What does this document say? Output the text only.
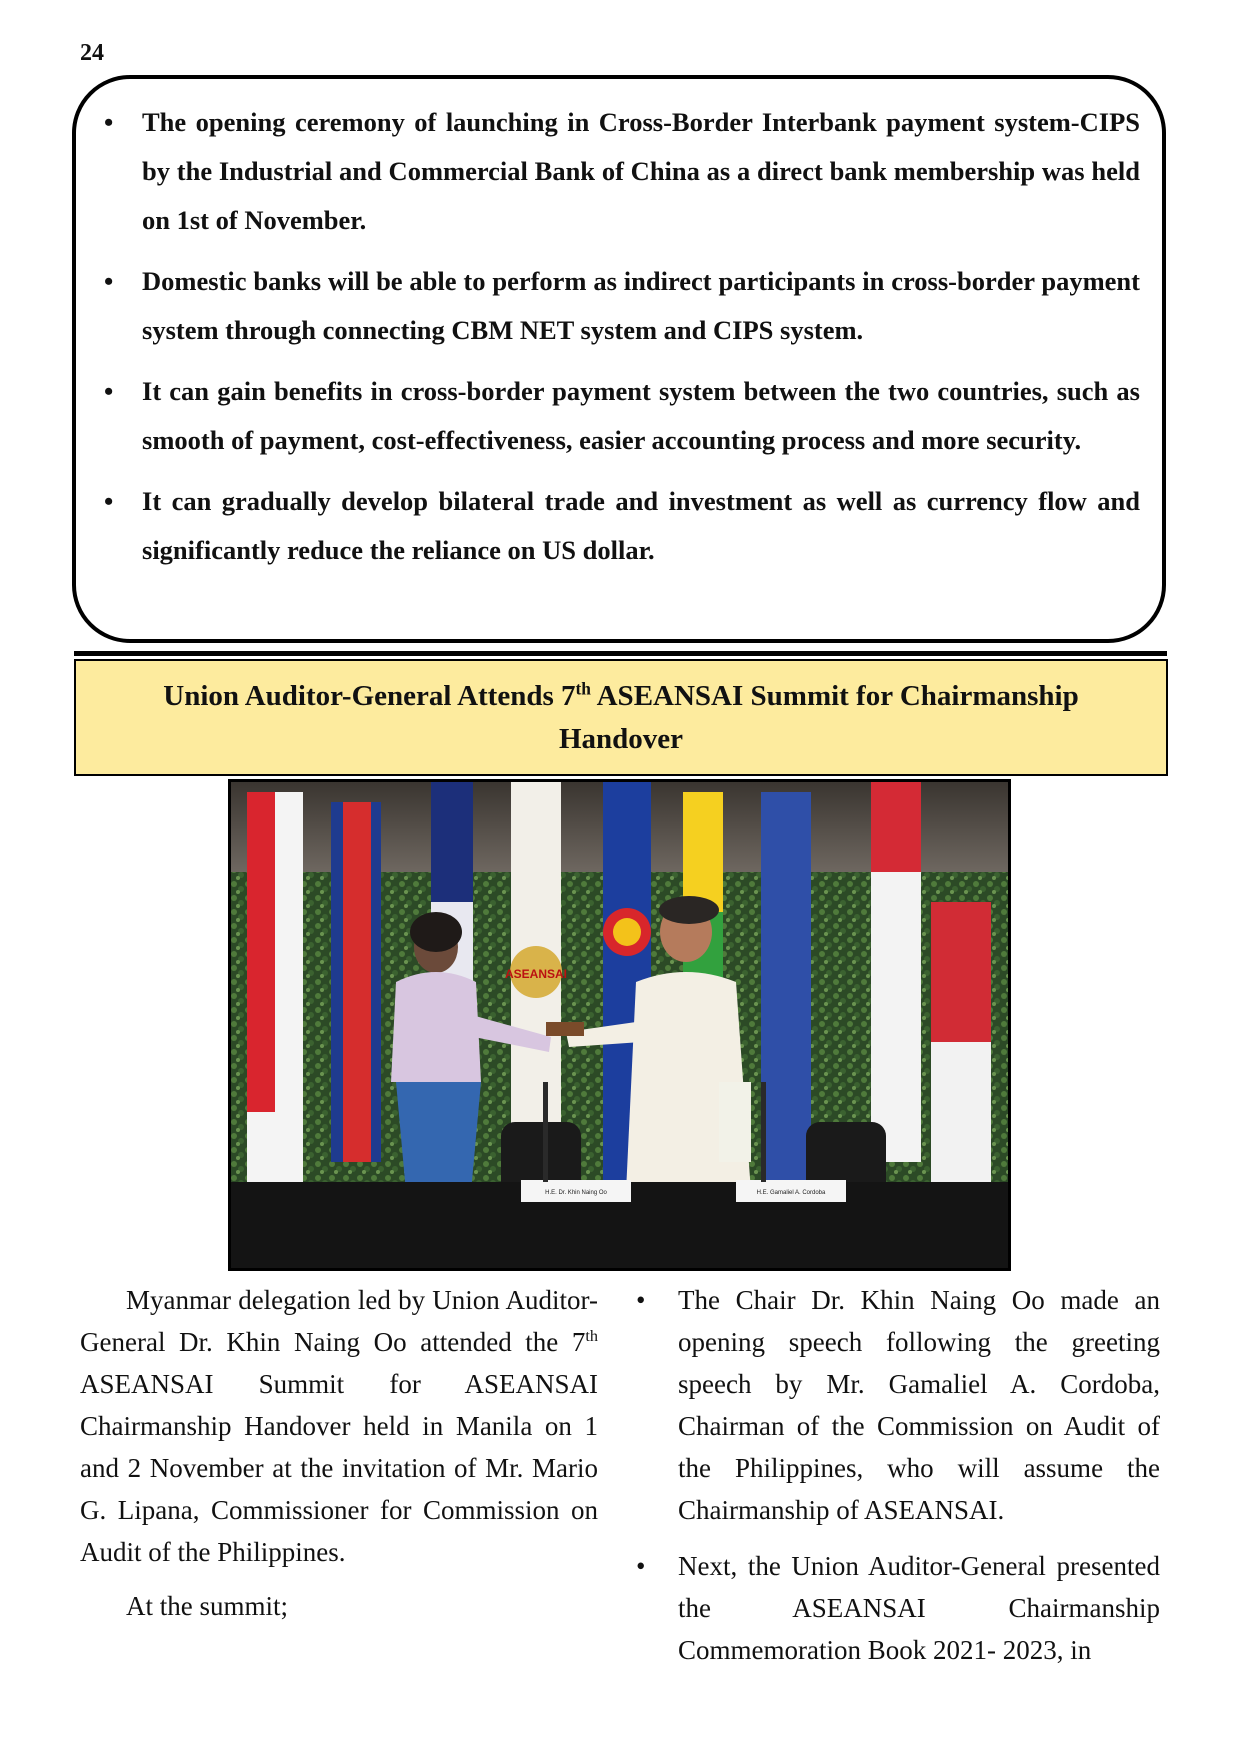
24
• The opening ceremony of launching in Cross-Border Interbank payment system-CIPS by the Industrial and Commercial Bank of China as a direct bank membership was held on 1st of November.
• Domestic banks will be able to perform as indirect participants in cross-border payment system through connecting CBM NET system and CIPS system.
• It can gain benefits in cross-border payment system between the two countries, such as smooth of payment, cost-effectiveness, easier accounting process and more security.
• It can gradually develop bilateral trade and investment as well as currency flow and significantly reduce the reliance on US dollar.
Union Auditor-General Attends 7th ASEANSAI Summit for Chairmanship
Handover
ASEANSAI
H.E. Dr. Khin Naing Oo	H.E. Gamaliel A. Cordoba

Myanmar delegation led by Union Auditor-General Dr. Khin Naing Oo attended the 7th ASEANSAI Summit for ASEANSAI Chairmanship Handover held in Manila on 1 and 2 November at the invitation of Mr. Mario G. Lipana, Commissioner for Commission on Audit of the Philippines.

At the summit;

• The Chair Dr. Khin Naing Oo made an opening speech following the greeting speech by Mr. Gamaliel A. Cordoba, Chairman of the Commission on Audit of the Philippines, who will assume the Chairmanship of ASEANSAI.
• Next, the Union Auditor-General presented the ASEANSAI Chairmanship Commemoration Book 2021- 2023, in
